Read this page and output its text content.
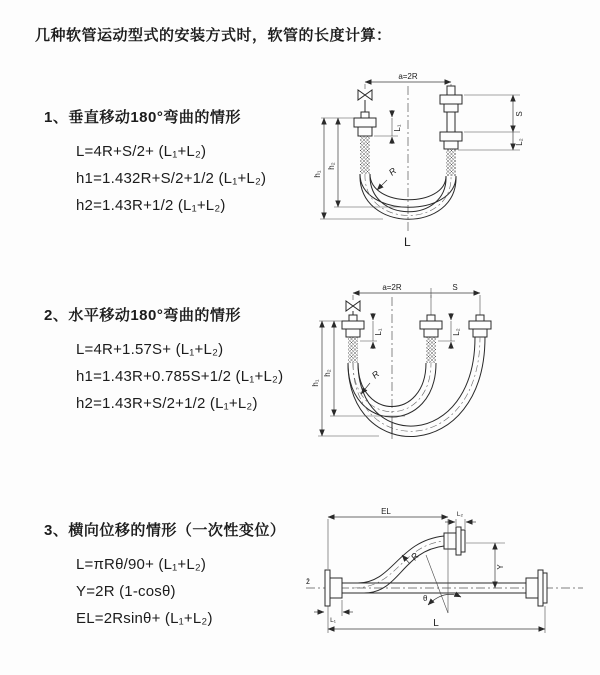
几种软管运动型式的安装方式时，软管的长度计算：

1、垂直移动180°弯曲的情形

L=4R+S/2+ (L₁+L₂)

h1=1.432R+S/2+1/2 (L₁+L₂)

h2=1.43R+1/2 (L₁+L₂)

2、水平移动180°弯曲的情形

L=4R+1.57S+ (L₁+L₂)

h1=1.43R+0.785S+1/2 (L₁+L₂)

h2=1.43R+S/2+1/2 (L₁+L₂)

3、横向位移的情形（一次性变位）

L=πRθ/90+ (L₁+L₂)

Y=2R (1-cosθ)

EL=2Rsinθ+ (L₁+L₂)

a=2R
h₂
h₁
L₁
S
L₂
R
L
a=2R	S
h₂
h₁
L₁	L₂
R
z̄
EL	L₂
Y
L
L₁
θ
R
